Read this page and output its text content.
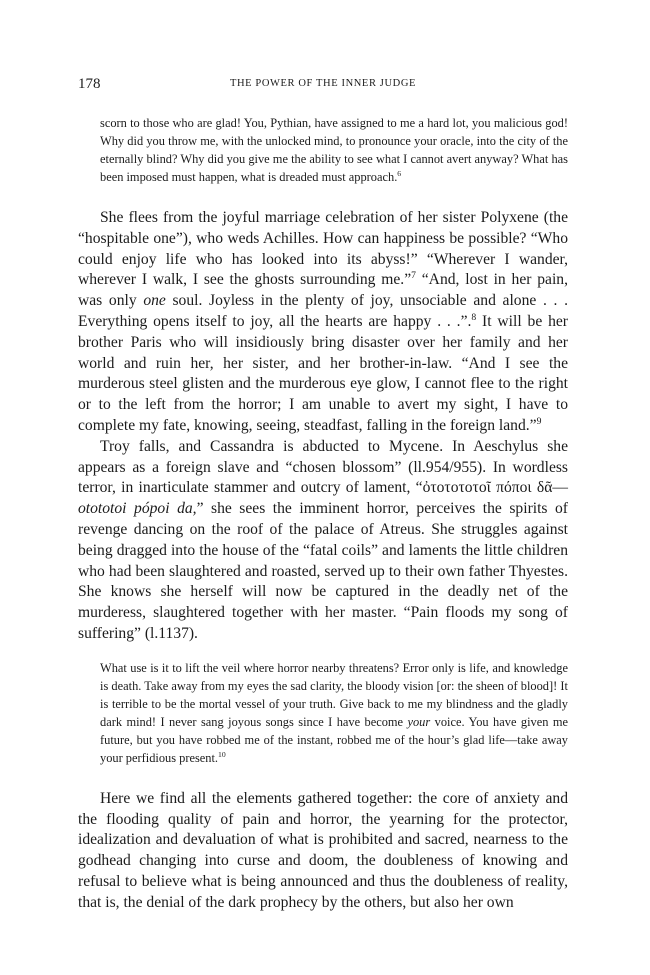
178	THE POWER OF THE INNER JUDGE

scorn to those who are glad! You, Pythian, have assigned to me a hard lot, you malicious god! Why did you throw me, with the unlocked mind, to pronounce your oracle, into the city of the eternally blind? Why did you give me the ability to see what I cannot avert anyway? What has been imposed must happen, what is dreaded must approach.$^6$

She flees from the joyful marriage celebration of her sister Polyxene (the “hospitable one”), who weds Achilles. How can happiness be possible? “Who could enjoy life who has looked into its abyss!” “Wherever I wander, wherever I walk, I see the ghosts surrounding me.”$^7$ “And, lost in her pain, was only one soul. Joyless in the plenty of joy, unsociable and alone . . . Everything opens itself to joy, all the hearts are happy . . .”.$^8$ It will be her brother Paris who will insidiously bring disaster over her family and her world and ruin her, her sister, and her brother-in-law. “And I see the murderous steel glisten and the murderous eye glow, I cannot flee to the right or to the left from the horror; I am unable to avert my sight, I have to complete my fate, knowing, seeing, steadfast, falling in the foreign land.”$^9$

Troy falls, and Cassandra is abducted to Mycene. In Aeschylus she appears as a foreign slave and “chosen blossom” (ll.954/955). In wordless terror, in inarticulate stammer and outcry of lament, “ὀτοτοτοτοῖ πόποι δᾶ— otototoi pópoi da,” she sees the imminent horror, perceives the spirits of revenge dancing on the roof of the palace of Atreus. She struggles against being dragged into the house of the “fatal coils” and laments the little children who had been slaughtered and roasted, served up to their own father Thyestes. She knows she herself will now be captured in the deadly net of the murderess, slaughtered together with her master. “Pain floods my song of suffering” (l.1137).

What use is it to lift the veil where horror nearby threatens? Error only is life, and knowledge is death. Take away from my eyes the sad clarity, the bloody vision [or: the sheen of blood]! It is terrible to be the mortal vessel of your truth. Give back to me my blindness and the gladly dark mind! I never sang joyous songs since I have become your voice. You have given me future, but you have robbed me of the instant, robbed me of the hour’s glad life—take away your perfidious present.$^{10}$

Here we find all the elements gathered together: the core of anxiety and the flooding quality of pain and horror, the yearning for the protector, idealization and devaluation of what is prohibited and sacred, nearness to the godhead changing into curse and doom, the doubleness of knowing and refusal to believe what is being announced and thus the doubleness of reality, that is, the denial of the dark prophecy by the others, but also her own
